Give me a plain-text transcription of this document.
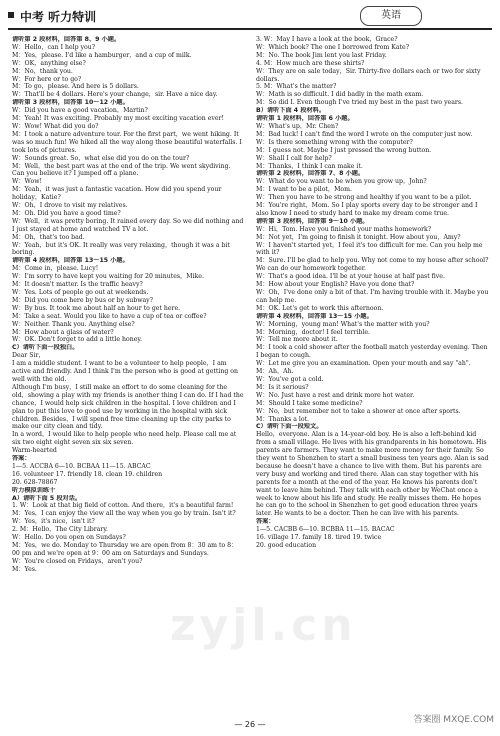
中考 听力特训	英语
请听第 2 段材料，回答第 8、9 小题。
W：Hello，can I help you?
M：Yes，please. I'd like a hamburger，and a cup of milk.
W：OK，anything else?
M：No，thank you.
W：For here or to go?
M：To go，please. And here is 5 dollars.
W：That'll be 4 dollars. Here's your change，sir. Have a nice day.
请听第 3 段材料，回答第 10～12 小题。
W：Did you have a good vacation，Martin?
M：Yeah! It was exciting. Probably my most exciting vacation ever!
W：Wow! What did you do?
M：I took a nature adventure tour. For the first part，we went hiking. It was so much fun! We hiked all the way along those beautiful waterfalls. I took lots of pictures.
W：Sounds great. So，what else did you do on the tour?
M：Well，the best part was at the end of the trip. We went skydiving. Can you believe it? I jumped off a plane.
W：Wow!
M：Yeah，it was just a fantastic vacation. How did you spend your holiday，Katie?
W：Oh，I drove to visit my relatives.
M：Oh. Did you have a good time?
W：Well，it was pretty boring. It rained every day. So we did nothing and I just stayed at home and watched TV a lot.
M：Oh，that's too bad.
W：Yeah，but it's OK. It really was very relaxing，though it was a bit boring.
请听第 4 段材料，回答第 13～15 小题。
M：Come in，please. Lucy!
W：I'm sorry to have kept you waiting for 20 minutes，Mike.
M：It doesn't matter. Is the traffic heavy?
W：Yes. Lots of people go out at weekends.
M：Did you come here by bus or by subway?
W：By bus. It took me about half an hour to get here.
M：Take a seat. Would you like to have a cup of tea or coffee?
W：Neither. Thank you. Anything else?
M：How about a glass of water?
W：OK. Don't forget to add a little honey.
C）请听下面一段独白。
Dear Sir，
I am a middle student. I want to be a volunteer to help people，I am active and friendly. And I think I'm the person who is good at getting on well with the old.
Although I'm busy，I still make an effort to do some cleaning for the old，showing a play with my friends is another thing I can do. If I had the chance，I would help sick children in the hospital. I love children and I plan to put this love to good use by working in the hospital with sick children. Besides，I will spend free time cleaning up the city parks to make our city clean and tidy.
In a word，I would like to help people who need help. Please call me at six two eight eight seven six six seven.
Warm-hearted
答案：
1—5. ACCBA 6—10. BCBAA 11—15. ABCAC
16. volunteer 17. friendly 18. clean 19. children
20. 628-78867
听力模拟训练十
A）请听下面 5 段对话。
1. W：Look at that big field of cotton. And there，it's a beautiful farm!
M：Yes，I can enjoy the view all the way when you go by train. Isn't it?
W：Yes，it's nice，isn't it?
2. M：Hello，The City Library.
W：Hello. Do you open on Sundays?
M：Yes，we do. Monday to Thursday we are open from 8：30 am to 8：00 pm and we're open at 9：00 am on Saturdays and Sundays.
W：You're closed on Fridays，aren't you?
M：Yes.
3. W：May I have a look at the book，Grace?
W：Which book? The one I borrowed from Kate?
M：No. The book Jim lent you last Friday.
4. M：How much are these shirts?
W：They are on sale today，Sir. Thirty-five dollars each or two for sixty dollars.
5. M：What's the matter?
W：Math is so difficult. I did badly in the math exam.
M：So did I. Even though I've tried my best in the past two years.
B）请听下面 4 段材料。
请听第 1 段材料，回答第 6 小题。
W：What's up，Mr. Chen?
M：Bad luck! I can't find the word I wrote on the computer just now.
W：Is there something wrong with the computer?
M：I guess not. Maybe I just pressed the wrong button.
W：Shall I call for help?
M：Thanks，I think I can make it.
请听第 2 段材料，回答第 7、8 小题。
W：What do you want to be when you grow up，John?
M：I want to be a pilot，Mom.
W：Then you have to be strong and healthy if you want to be a pilot.
M：You're right，Mom. So I play sports every day to be stronger and I also know I need to study hard to make my dream come true.
请听第 3 段材料，回答第 9～10 小题。
W：Hi，Tom. Have you finished your maths homework?
M：Not yet，I'm going to finish it tonight. How about you，Amy?
W：I haven't started yet，I feel it's too difficult for me. Can you help me with it?
M：Sure. I'll be glad to help you. Why not come to my house after school? We can do our homework together.
W：That's a good idea. I'll be at your house at half past five.
M：How about your English? Have you done that?
W：Oh，I've done only a bit of that. I'm having trouble with it. Maybe you can help me.
M：OK. Let's get to work this afternoon.
请听第 4 段材料，回答第 13～15 小题。
W：Morning，young man! What's the matter with you?
M：Morning，doctor! I feel terrible.
W：Tell me more about it.
M：I took a cold shower after the football match yesterday evening. Then I began to cough.
W：Let me give you an examination. Open your mouth and say "ah".
M：Ah，Ah.
W：You've got a cold.
M：Is it serious?
W：No. Just have a rest and drink more hot water.
M：Should I take some medicine?
W：No，but remember not to take a shower at once after sports.
M：Thanks a lot.
C）请听下面一段短文。
Hello，everyone. Alan is a 14-year-old boy. He is also a left-behind kid from a small village. He lives with his grandparents in his hometown. His parents are farmers. They want to make more money for their family. So they went to Shenzhen to start a small business ten years ago. Alan is sad because he doesn't have a chance to live with them. But his parents are very busy and working and tired there. Alan can stay together with his parents for a month at the end of the year. He knows his parents don't want to leave him behind. They talk with each other by WeChat once a week to know about his life and study. He really misses them. He hopes he can go to the school in Shenzhen to get good education three years later. He wants to be a doctor. Then he can live with his parents.
答案：
1—5. CACBB 6—10. BCBBA 11—15. BACAC
16. village 17. family 18. tired 19. twice
20. good education
zyjl.cn
— 26 —	答案圈 MXQE.COM
